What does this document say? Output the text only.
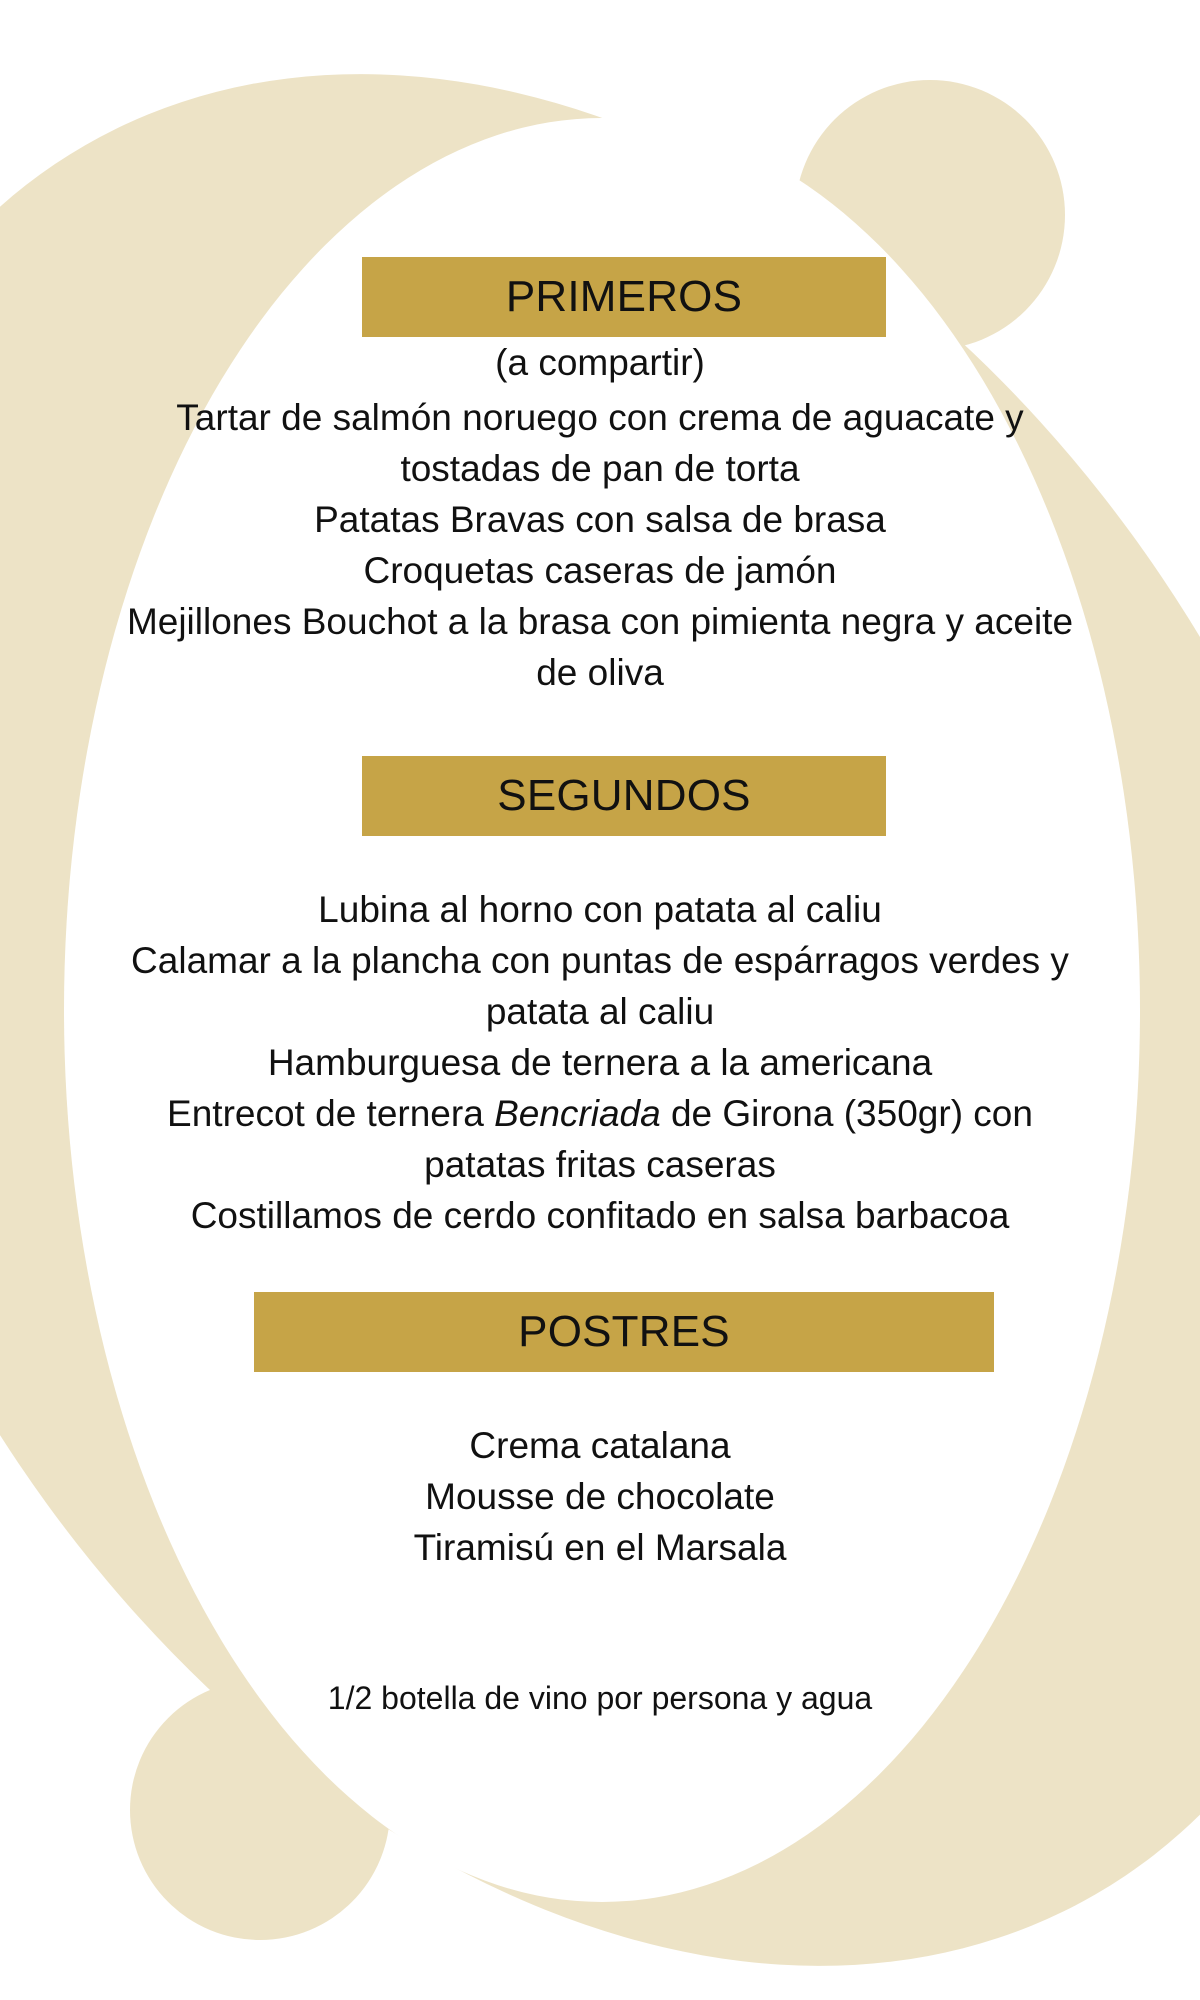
PRIMEROS
(a compartir)
Tartar de salmón noruego con crema de aguacate y
tostadas de pan de torta
Patatas Bravas con salsa de brasa
Croquetas caseras de jamón
Mejillones Bouchot a la brasa con pimienta negra y aceite
de oliva
SEGUNDOS
Lubina al horno con patata al caliu
Calamar a la plancha con puntas de espárragos verdes y
patata al caliu
Hamburguesa de ternera a la americana
Entrecot de ternera Bencriada de Girona (350gr) con
patatas fritas caseras
Costillamos de cerdo confitado en salsa barbacoa
POSTRES
Crema catalana
Mousse de chocolate
Tiramisú en el Marsala
1/2 botella de vino por persona y agua
